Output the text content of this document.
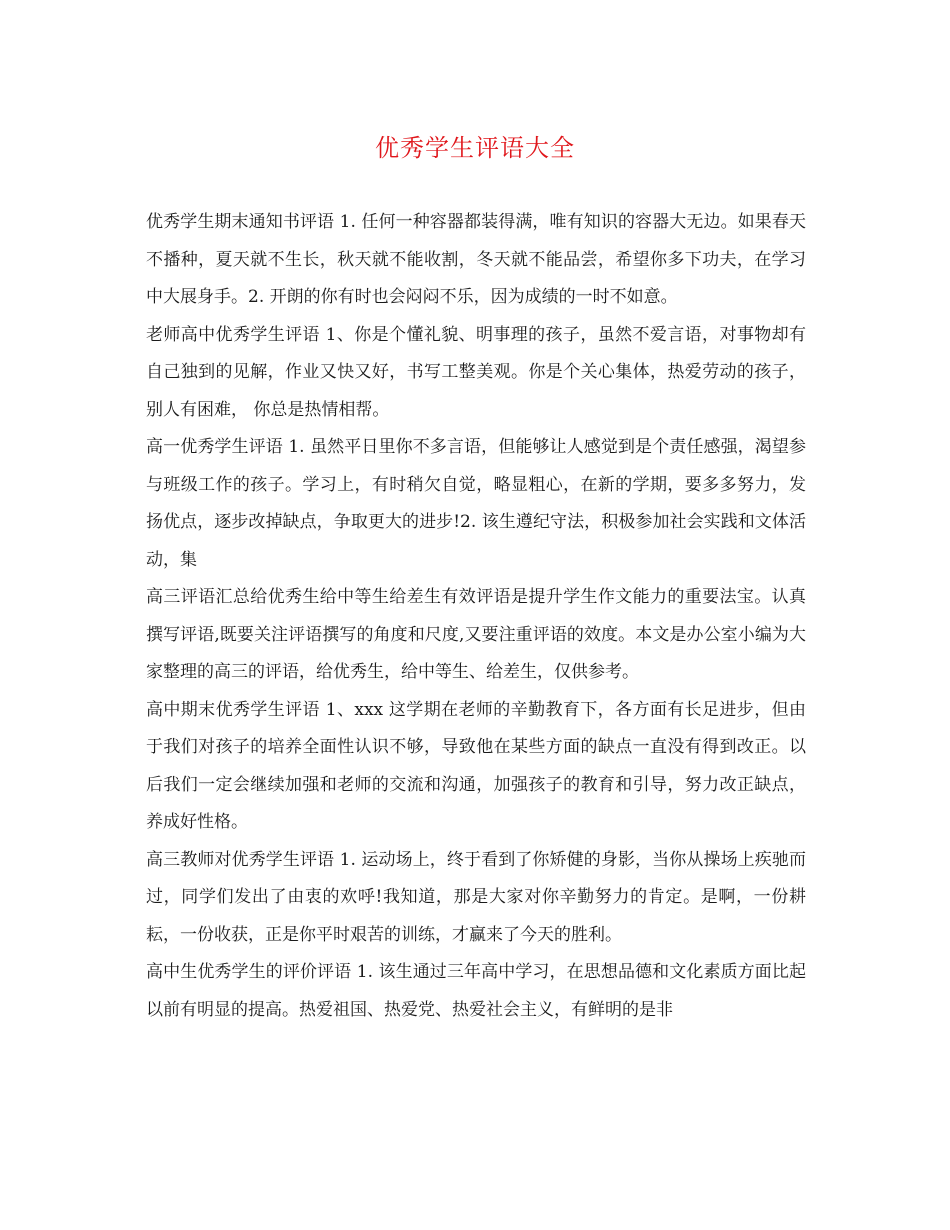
优秀学生评语大全

优秀学生期末通知书评语 1. 任何一种容器都装得满，唯有知识的容器大无边。如果春天不播种，夏天就不生长，秋天就不能收割，冬天就不能品尝，希望你多下功夫，在学习中大展身手。2. 开朗的你有时也会闷闷不乐，因为成绩的一时不如意。

老师高中优秀学生评语 1、你是个懂礼貌、明事理的孩子，虽然不爱言语，对事物却有自己独到的见解，作业又快又好，书写工整美观。你是个关心集体，热爱劳动的孩子，别人有困难， 你总是热情相帮。

高一优秀学生评语 1. 虽然平日里你不多言语，但能够让人感觉到是个责任感强，渴望参与班级工作的孩子。学习上，有时稍欠自觉，略显粗心，在新的学期，要多多努力，发扬优点，逐步改掉缺点，争取更大的进步!2. 该生遵纪守法，积极参加社会实践和文体活动，集

高三评语汇总给优秀生给中等生给差生有效评语是提升学生作文能力的重要法宝。认真撰写评语,既要关注评语撰写的角度和尺度,又要注重评语的效度。本文是办公室小编为大家整理的高三的评语，给优秀生，给中等生、给差生，仅供参考。

高中期末优秀学生评语 1、xxx 这学期在老师的辛勤教育下，各方面有长足进步，但由于我们对孩子的培养全面性认识不够，导致他在某些方面的缺点一直没有得到改正。以后我们一定会继续加强和老师的交流和沟通，加强孩子的教育和引导，努力改正缺点，养成好性格。

高三教师对优秀学生评语 1. 运动场上，终于看到了你矫健的身影，当你从操场上疾驰而过，同学们发出了由衷的欢呼!我知道，那是大家对你辛勤努力的肯定。是啊，一份耕耘，一份收获，正是你平时艰苦的训练，才赢来了今天的胜利。

高中生优秀学生的评价评语 1. 该生通过三年高中学习，在思想品德和文化素质方面比起以前有明显的提高。热爱祖国、热爱党、热爱社会主义，有鲜明的是非
